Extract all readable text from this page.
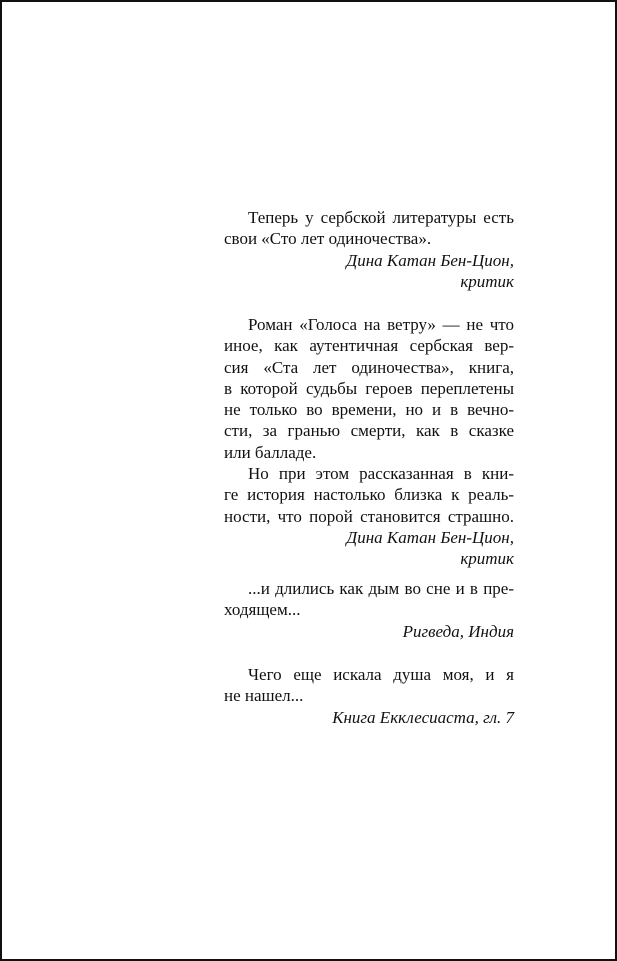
Теперь у сербской литературы есть
свои «Сто лет одиночества».

Дина Катан Бен-Цион,
критик

Роман «Голоса на ветру» — не что
иное, как аутентичная сербская вер-
сия «Ста лет одиночества», книга,
в которой судьбы героев переплетены
не только во времени, но и в вечно-
сти, за гранью смерти, как в сказке
или балладе.

Но при этом рассказанная в кни-
ге история настолько близка к реаль-
ности, что порой становится страшно.

Дина Катан Бен-Цион,
критик

...и длились как дым во сне и в пре-
ходящем...

Ригведа, Индия

Чего еще искала душа моя, и я
не нашел...

Книга Екклесиаста, гл. 7
